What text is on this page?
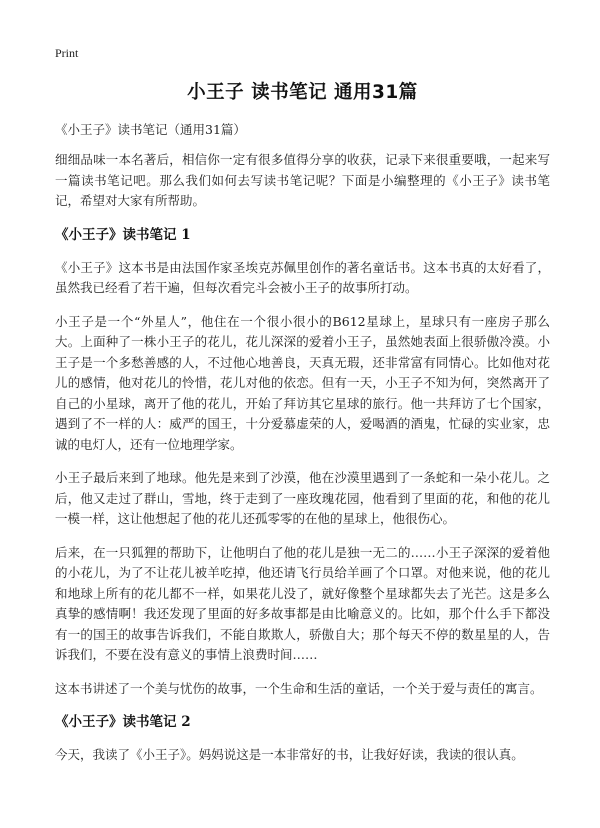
Print
小王子 读书笔记 通用31篇
《小王子》读书笔记（通用31篇）

细细品味一本名著后，相信你一定有很多值得分享的收获，记录下来很重要哦，一起来写一篇读书笔记吧。那么我们如何去写读书笔记呢？下面是小编整理的《小王子》读书笔记，希望对大家有所帮助。

《小王子》读书笔记 1

《小王子》这本书是由法国作家圣埃克苏佩里创作的著名童话书。这本书真的太好看了，虽然我已经看了若干遍，但每次看完斗会被小王子的故事所打动。

小王子是一个“外星人”，他住在一个很小很小的B612星球上，星球只有一座房子那么大。上面种了一株小王子的花儿，花儿深深的爱着小王子，虽然她表面上很骄傲冷漠。小王子是一个多愁善感的人，不过他心地善良，天真无瑕，还非常富有同情心。比如他对花儿的感情，他对花儿的怜惜，花儿对他的依恋。但有一天，小王子不知为何，突然离开了自己的小星球，离开了他的花儿，开始了拜访其它星球的旅行。他一共拜访了七个国家，遇到了不一样的人：威严的国王，十分爱慕虚荣的人，爱喝酒的酒鬼，忙碌的实业家，忠诚的电灯人，还有一位地理学家。

小王子最后来到了地球。他先是来到了沙漠，他在沙漠里遇到了一条蛇和一朵小花儿。之后，他又走过了群山，雪地，终于走到了一座玫瑰花园，他看到了里面的花，和他的花儿一模一样，这让他想起了他的花儿还孤零零的在他的星球上，他很伤心。

后来，在一只狐狸的帮助下，让他明白了他的花儿是独一无二的……小王子深深的爱着他的小花儿，为了不让花儿被羊吃掉，他还请飞行员给羊画了个口罩。对他来说，他的花儿和地球上所有的花儿都不一样，如果花儿没了，就好像整个星球都失去了光芒。这是多么真挚的感情啊！我还发现了里面的好多故事都是由比喻意义的。比如，那个什么手下都没有一的国王的故事告诉我们，不能自欺欺人，骄傲自大；那个每天不停的数星星的人，告诉我们，不要在没有意义的事情上浪费时间……

这本书讲述了一个美与忧伤的故事，一个生命和生活的童话，一个关于爱与责任的寓言。

《小王子》读书笔记 2

今天，我读了《小王子》。妈妈说这是一本非常好的书，让我好好读，我读的很认真。
